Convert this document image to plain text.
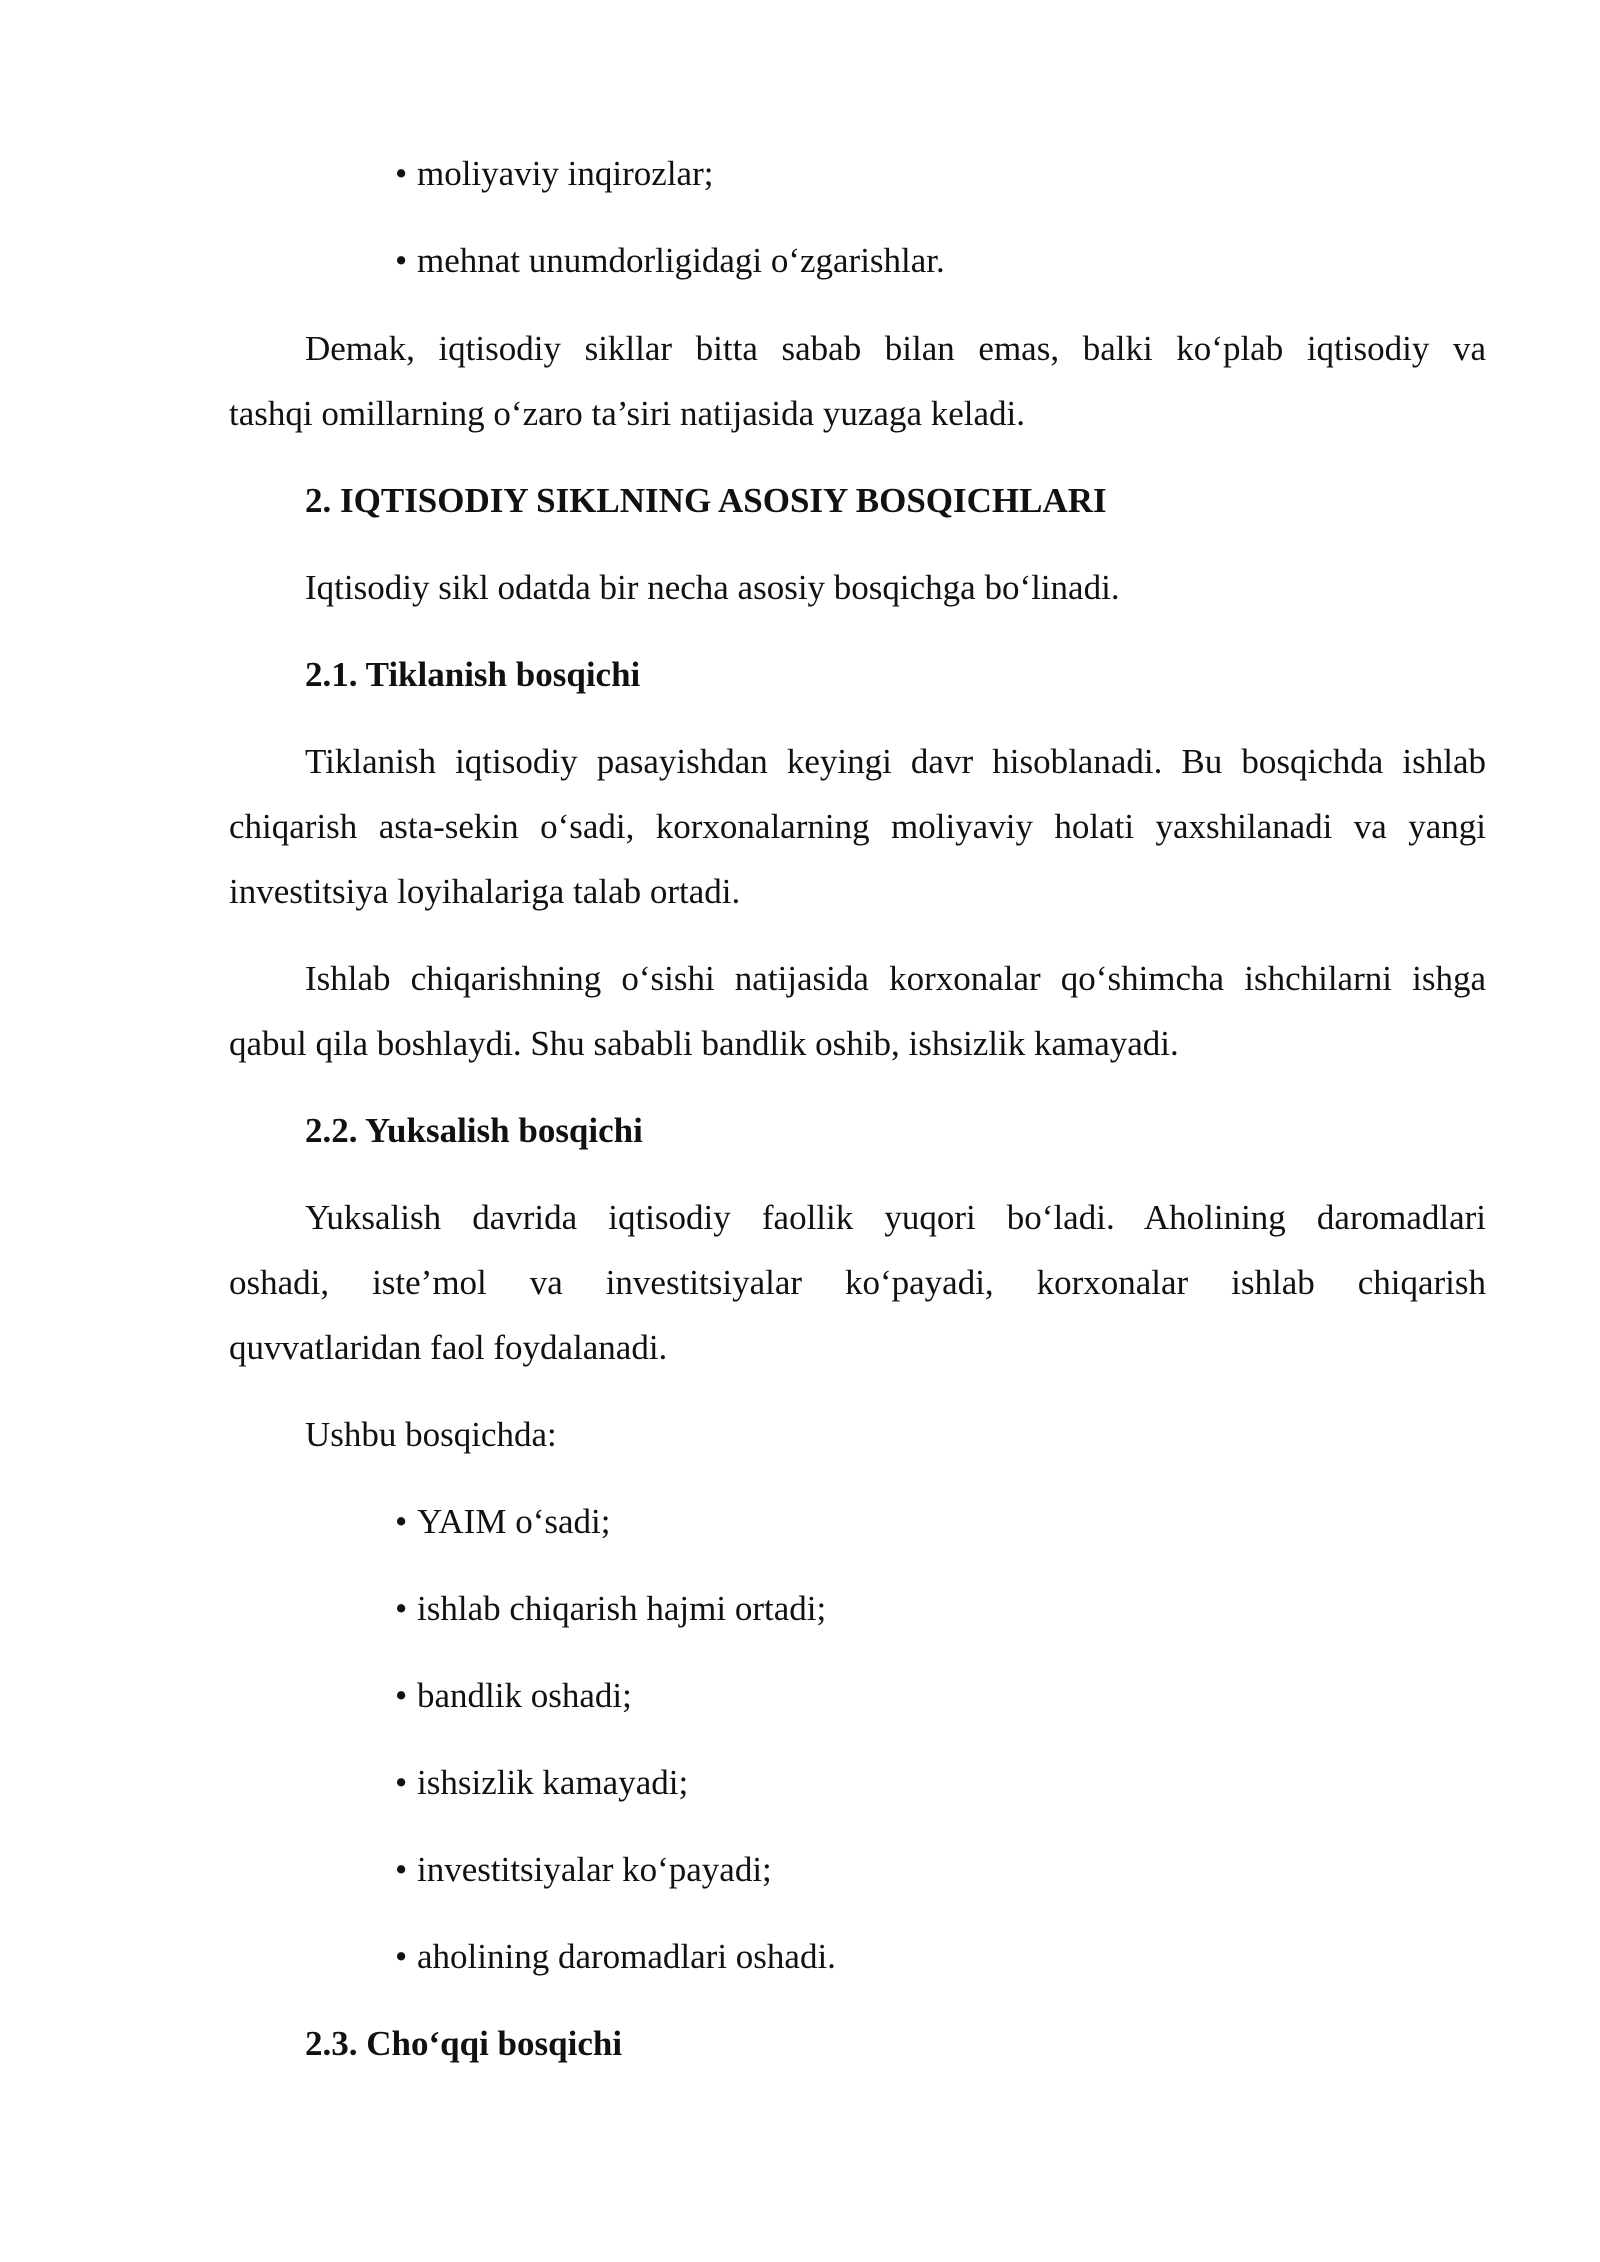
• moliyaviy inqirozlar;
• mehnat unumdorligidagi o‘zgarishlar.
Demak, iqtisodiy sikllar bitta sabab bilan emas, balki ko‘plab iqtisodiy va
tashqi omillarning o‘zaro ta’siri natijasida yuzaga keladi.
2. IQTISODIY SIKLNING ASOSIY BOSQICHLARI
Iqtisodiy sikl odatda bir necha asosiy bosqichga bo‘linadi.
2.1. Tiklanish bosqichi
Tiklanish iqtisodiy pasayishdan keyingi davr hisoblanadi. Bu bosqichda ishlab
chiqarish asta-sekin o‘sadi, korxonalarning moliyaviy holati yaxshilanadi va yangi
investitsiya loyihalariga talab ortadi.
Ishlab chiqarishning o‘sishi natijasida korxonalar qo‘shimcha ishchilarni ishga
qabul qila boshlaydi. Shu sababli bandlik oshib, ishsizlik kamayadi.
2.2. Yuksalish bosqichi
Yuksalish davrida iqtisodiy faollik yuqori bo‘ladi. Aholining daromadlari
oshadi, iste’mol va investitsiyalar ko‘payadi, korxonalar ishlab chiqarish
quvvatlaridan faol foydalanadi.
Ushbu bosqichda:
• YAIM o‘sadi;
• ishlab chiqarish hajmi ortadi;
• bandlik oshadi;
• ishsizlik kamayadi;
• investitsiyalar ko‘payadi;
• aholining daromadlari oshadi.
2.3. Cho‘qqi bosqichi
